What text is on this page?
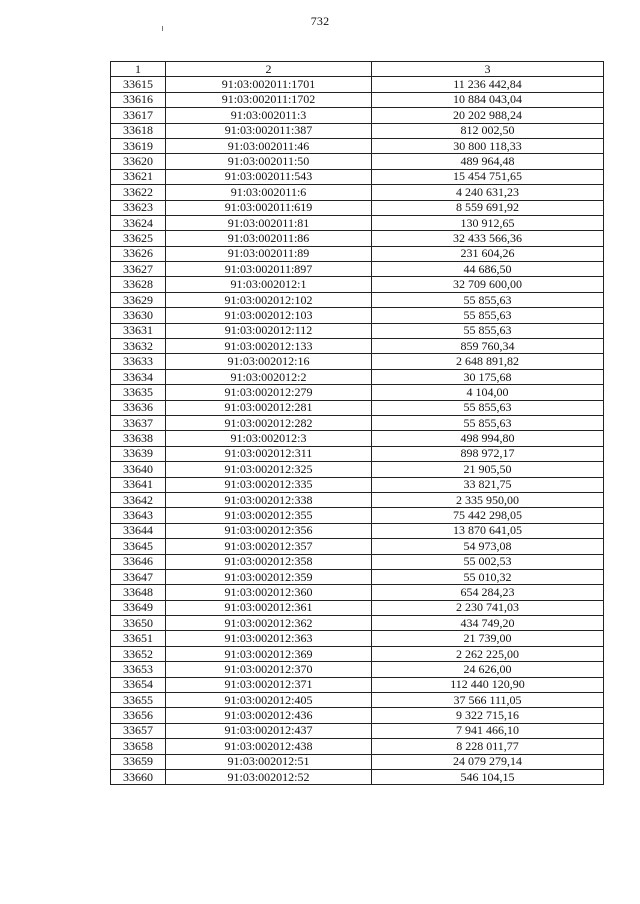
732
1	2	3
33615	91:03:002011:1701	11 236 442,84
33616	91:03:002011:1702	10 884 043,04
33617	91:03:002011:3	20 202 988,24
33618	91:03:002011:387	812 002,50
33619	91:03:002011:46	30 800 118,33
33620	91:03:002011:50	489 964,48
33621	91:03:002011:543	15 454 751,65
33622	91:03:002011:6	4 240 631,23
33623	91:03:002011:619	8 559 691,92
33624	91:03:002011:81	130 912,65
33625	91:03:002011:86	32 433 566,36
33626	91:03:002011:89	231 604,26
33627	91:03:002011:897	44 686,50
33628	91:03:002012:1	32 709 600,00
33629	91:03:002012:102	55 855,63
33630	91:03:002012:103	55 855,63
33631	91:03:002012:112	55 855,63
33632	91:03:002012:133	859 760,34
33633	91:03:002012:16	2 648 891,82
33634	91:03:002012:2	30 175,68
33635	91:03:002012:279	4 104,00
33636	91:03:002012:281	55 855,63
33637	91:03:002012:282	55 855,63
33638	91:03:002012:3	498 994,80
33639	91:03:002012:311	898 972,17
33640	91:03:002012:325	21 905,50
33641	91:03:002012:335	33 821,75
33642	91:03:002012:338	2 335 950,00
33643	91:03:002012:355	75 442 298,05
33644	91:03:002012:356	13 870 641,05
33645	91:03:002012:357	54 973,08
33646	91:03:002012:358	55 002,53
33647	91:03:002012:359	55 010,32
33648	91:03:002012:360	654 284,23
33649	91:03:002012:361	2 230 741,03
33650	91:03:002012:362	434 749,20
33651	91:03:002012:363	21 739,00
33652	91:03:002012:369	2 262 225,00
33653	91:03:002012:370	24 626,00
33654	91:03:002012:371	112 440 120,90
33655	91:03:002012:405	37 566 111,05
33656	91:03:002012:436	9 322 715,16
33657	91:03:002012:437	7 941 466,10
33658	91:03:002012:438	8 228 011,77
33659	91:03:002012:51	24 079 279,14
33660	91:03:002012:52	546 104,15
